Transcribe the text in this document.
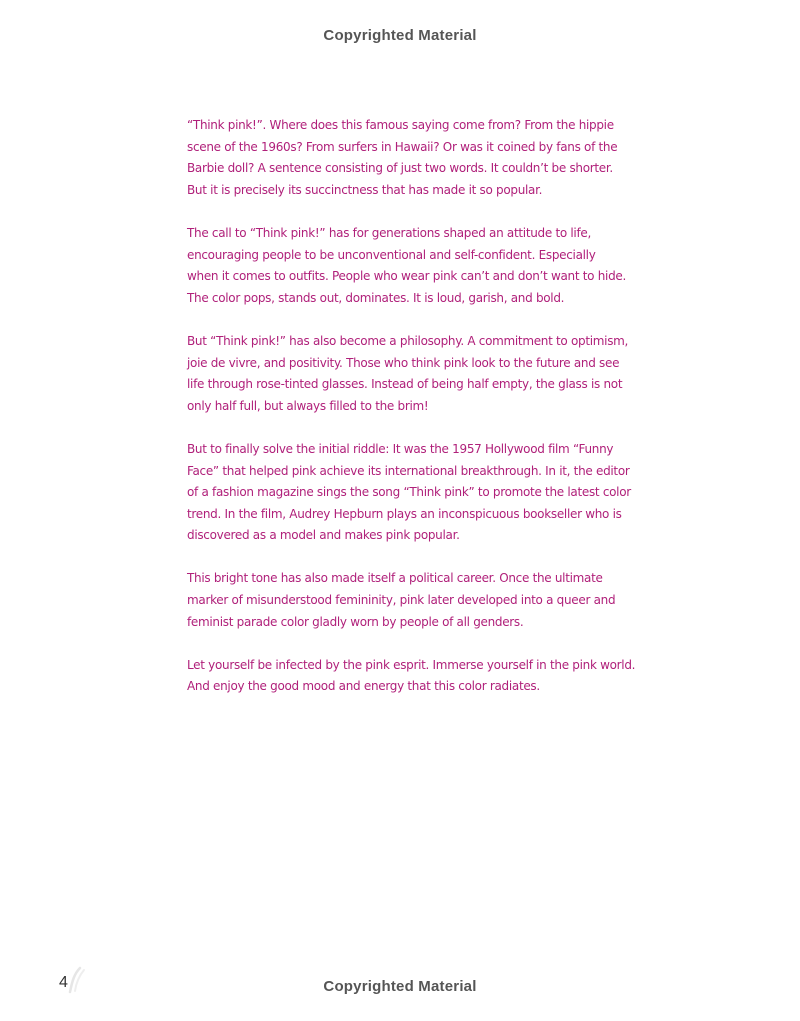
Copyrighted Material
“Think pink!”. Where does this famous saying come from? From the hippie
scene of the 1960s? From surfers in Hawaii? Or was it coined by fans of the
Barbie doll? A sentence consisting of just two words. It couldn’t be shorter.
But it is precisely its succinctness that has made it so popular.
The call to “Think pink!” has for generations shaped an attitude to life,
encouraging people to be unconventional and self-confident. Especially
when it comes to outfits. People who wear pink can’t and don’t want to hide.
The color pops, stands out, dominates. It is loud, garish, and bold.
But “Think pink!” has also become a philosophy. A commitment to optimism,
joie de vivre, and positivity. Those who think pink look to the future and see
life through rose-tinted glasses. Instead of being half empty, the glass is not
only half full, but always filled to the brim!
But to finally solve the initial riddle: It was the 1957 Hollywood film “Funny
Face” that helped pink achieve its international breakthrough. In it, the editor
of a fashion magazine sings the song “Think pink” to promote the latest color
trend. In the film, Audrey Hepburn plays an inconspicuous bookseller who is
discovered as a model and makes pink popular.
This bright tone has also made itself a political career. Once the ultimate
marker of misunderstood femininity, pink later developed into a queer and
feminist parade color gladly worn by people of all genders.
Let yourself be infected by the pink esprit. Immerse yourself in the pink world.
And enjoy the good mood and energy that this color radiates.
4	Copyrighted Material
